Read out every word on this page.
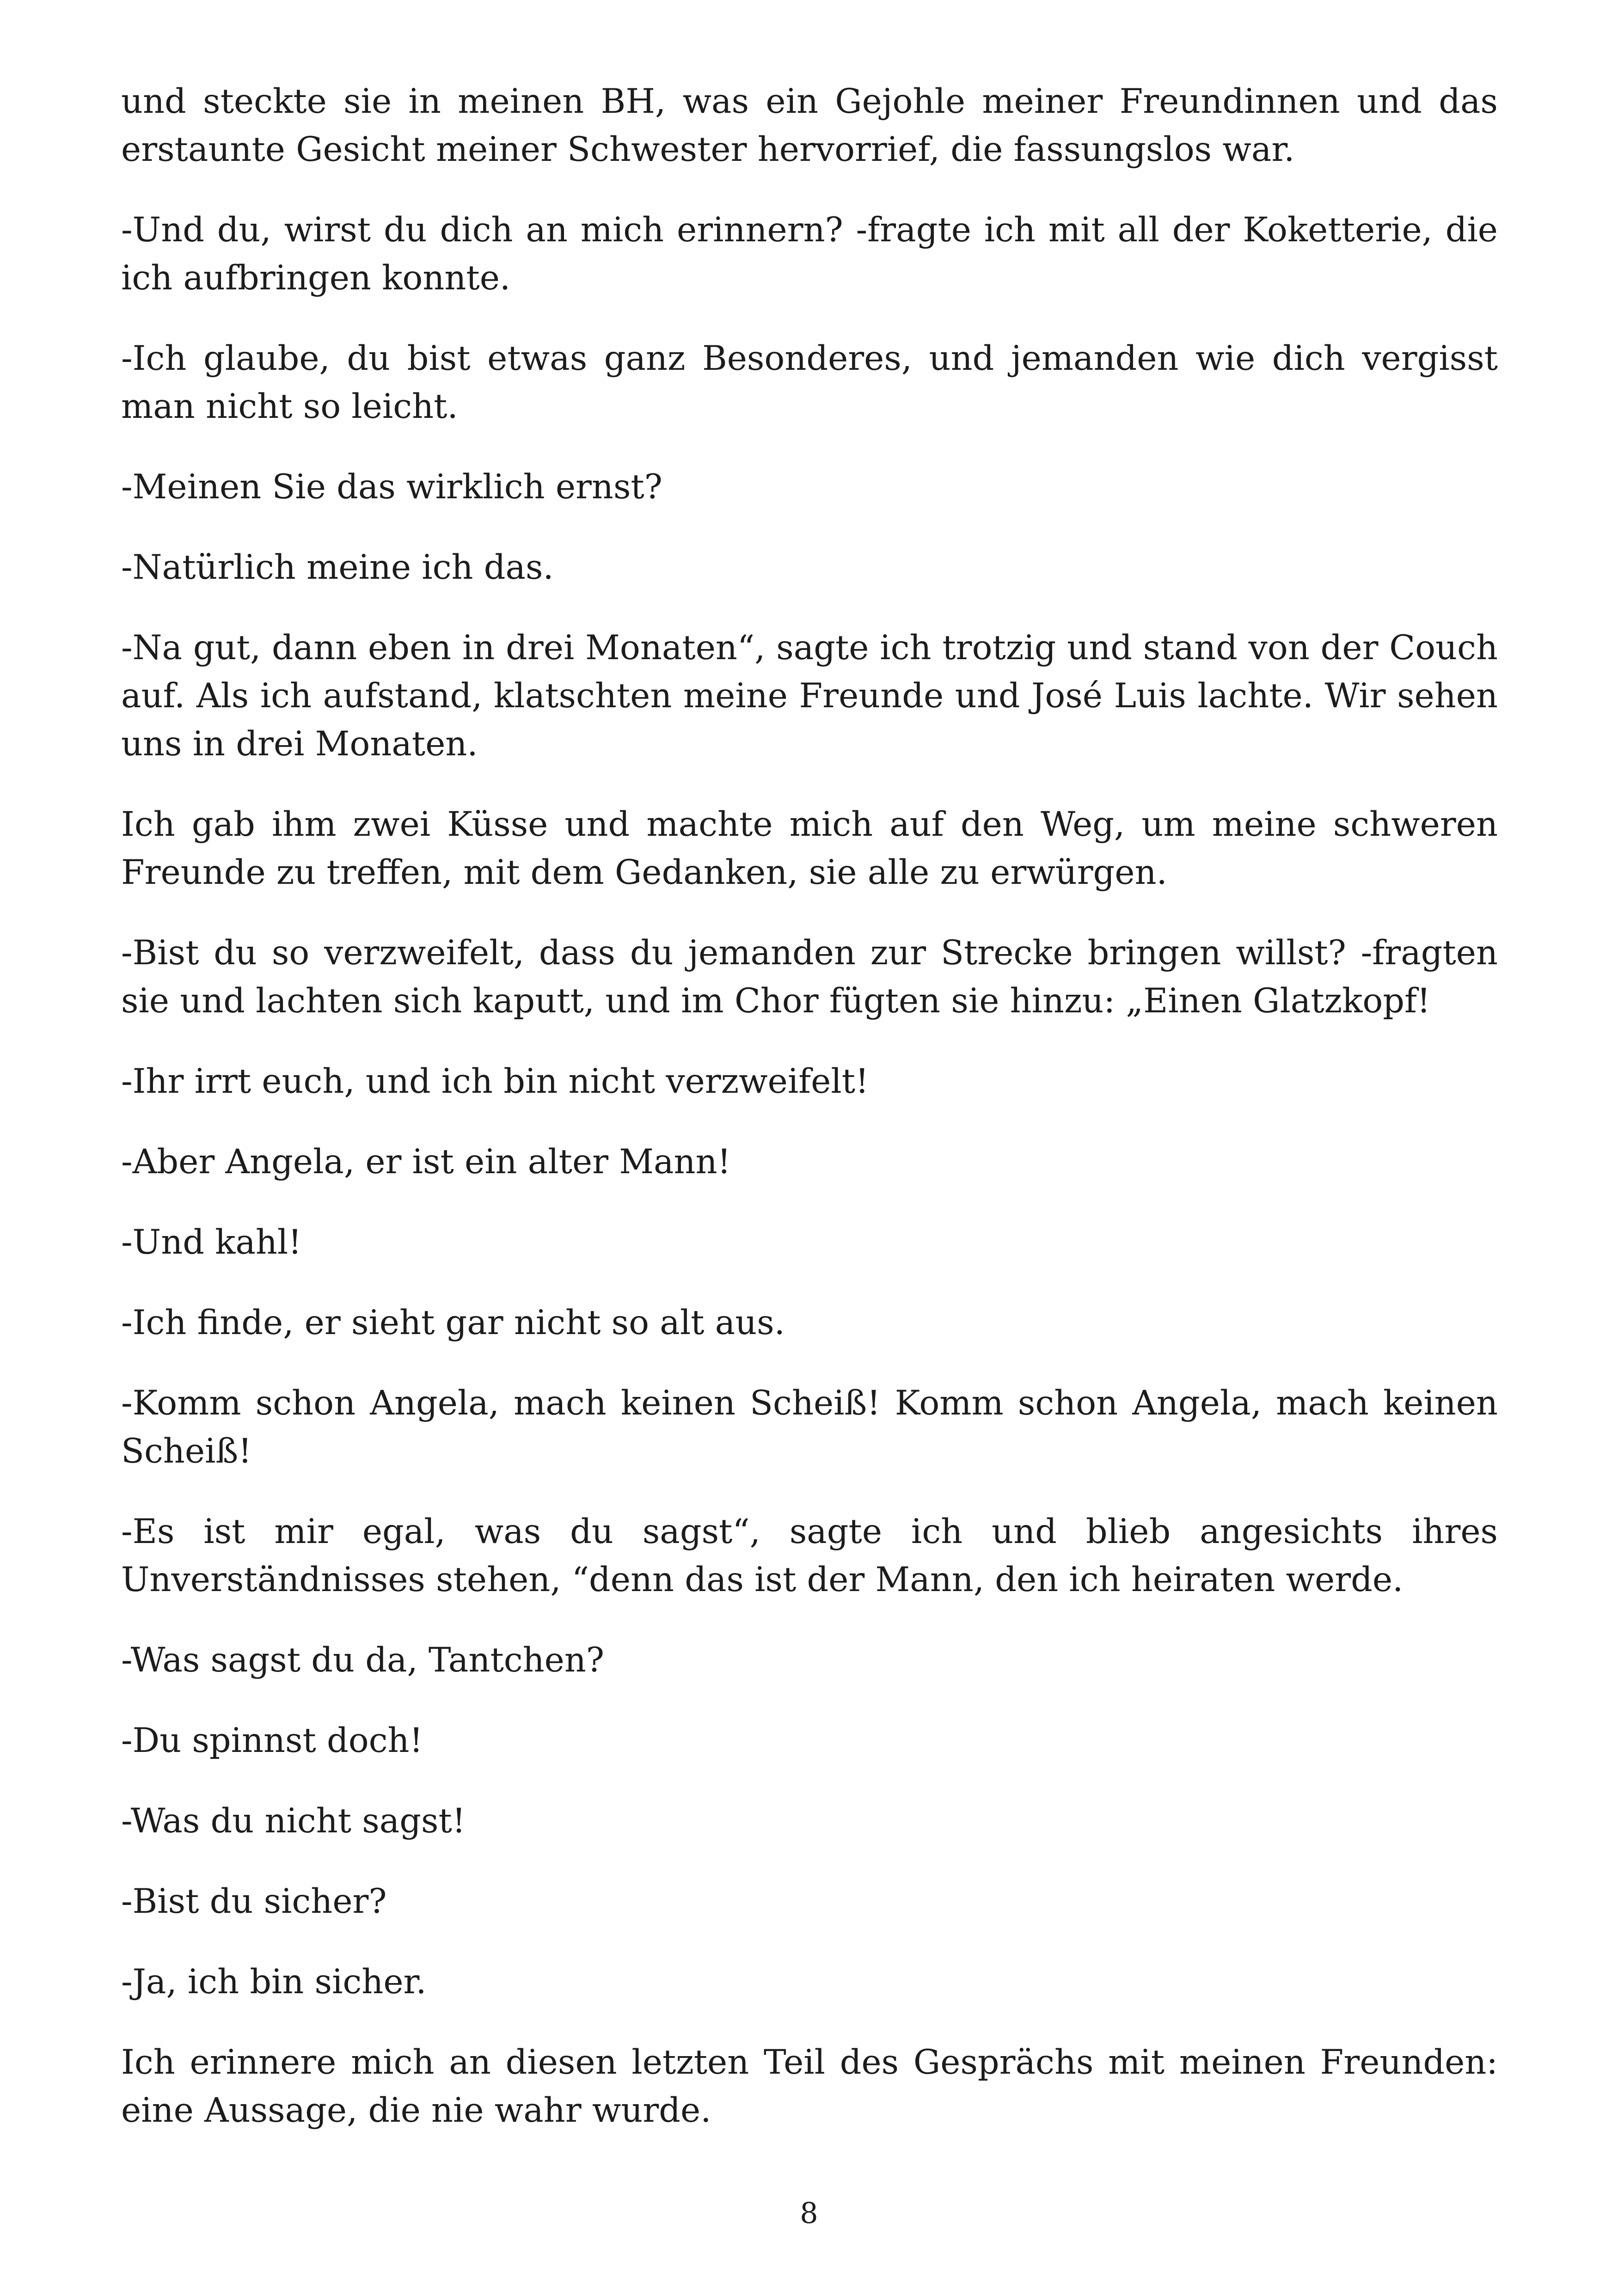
und steckte sie in meinen BH, was ein Gejohle meiner Freundinnen und das erstaunte Gesicht meiner Schwester hervorrief, die fassungslos war.

-Und du, wirst du dich an mich erinnern? -fragte ich mit all der Koketterie, die ich aufbringen konnte.

-Ich glaube, du bist etwas ganz Besonderes, und jemanden wie dich vergisst man nicht so leicht.

-Meinen Sie das wirklich ernst?

-Natürlich meine ich das.

-Na gut, dann eben in drei Monaten“, sagte ich trotzig und stand von der Couch auf. Als ich aufstand, klatschten meine Freunde und José Luis lachte. Wir sehen uns in drei Monaten.

Ich gab ihm zwei Küsse und machte mich auf den Weg, um meine schweren Freunde zu treffen, mit dem Gedanken, sie alle zu erwürgen.

-Bist du so verzweifelt, dass du jemanden zur Strecke bringen willst? -fragten sie und lachten sich kaputt, und im Chor fügten sie hinzu: „Einen Glatzkopf!

-Ihr irrt euch, und ich bin nicht verzweifelt!

-Aber Angela, er ist ein alter Mann!

-Und kahl!

-Ich finde, er sieht gar nicht so alt aus.

-Komm schon Angela, mach keinen Scheiß! Komm schon Angela, mach keinen Scheiß!

-Es ist mir egal, was du sagst“, sagte ich und blieb angesichts ihres Unverständnisses stehen, “denn das ist der Mann, den ich heiraten werde.

-Was sagst du da, Tantchen?

-Du spinnst doch!

-Was du nicht sagst!

-Bist du sicher?

-Ja, ich bin sicher.

Ich erinnere mich an diesen letzten Teil des Gesprächs mit meinen Freunden: eine Aussage, die nie wahr wurde.

8
